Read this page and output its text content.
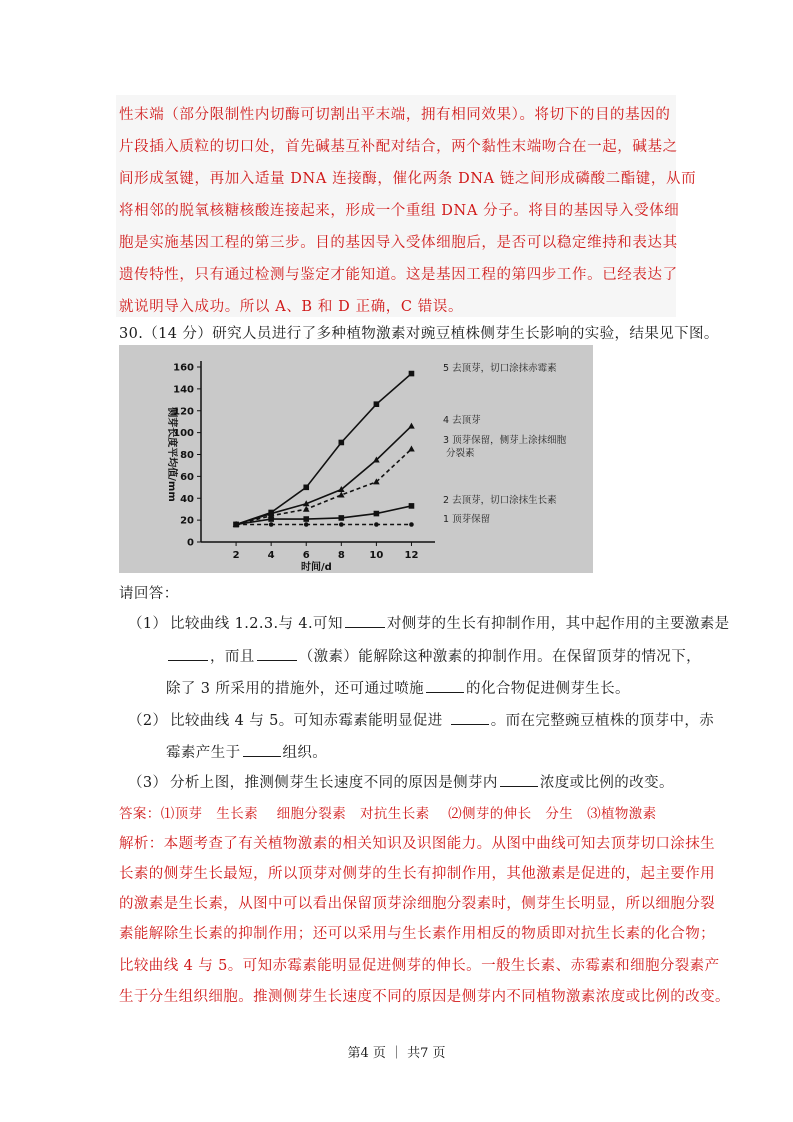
性末端（部分限制性内切酶可切割出平末端，拥有相同效果）。将切下的目的基因的
片段插入质粒的切口处，首先碱基互补配对结合，两个黏性末端吻合在一起，碱基之
间形成氢键，再加入适量 DNA 连接酶，催化两条 DNA 链之间形成磷酸二酯键，从而
将相邻的脱氧核糖核酸连接起来，形成一个重组 DNA 分子。将目的基因导入受体细
胞是实施基因工程的第三步。目的基因导入受体细胞后，是否可以稳定维持和表达其
遗传特性，只有通过检测与鉴定才能知道。这是基因工程的第四步工作。已经表达了
就说明导入成功。所以 A、B 和 D 正确，C 错误。
30.（14 分）研究人员进行了多种植物激素对豌豆植株侧芽生长影响的实验，结果见下图。
0
20
40
60
80
100
120
140
160
2	4	6	8 10 12
侧芽长度平均值/mm
时间/d
5 去顶芽，切口涂抹赤霉素
4 去顶芽
3 顶芽保留，侧芽上涂抹细胞 分裂素
2 去顶芽，切口涂抹生长素
1 顶芽保留
请回答：
（1） 比较曲线 1.2.3.与 4.可知	对侧芽的生长有抑制作用，其中起作用的主要激素是
，而且	（激素）能解除这种激素的抑制作用。在保留顶芽的情况下，
除了 3 所采用的措施外，还可通过喷施	的化合物促进侧芽生长。
（2） 比较曲线 4 与 5。可知赤霉素能明显促进	。而在完整豌豆植株的顶芽中，赤
霉素产生于	组织。
（3） 分析上图，推测侧芽生长速度不同的原因是侧芽内	浓度或比例的改变。
答案：⑴顶芽　生长素　 细胞分裂素　对抗生长素　 ⑵侧芽的伸长　分生　⑶植物激素
解析：本题考查了有关植物激素的相关知识及识图能力。从图中曲线可知去顶芽切口涂抹生
长素的侧芽生长最短，所以顶芽对侧芽的生长有抑制作用，其他激素是促进的，起主要作用
的激素是生长素，从图中可以看出保留顶芽涂细胞分裂素时，侧芽生长明显，所以细胞分裂
素能解除生长素的抑制作用；还可以采用与生长素作用相反的物质即对抗生长素的化合物；
比较曲线 4 与 5。可知赤霉素能明显促进侧芽的伸长。一般生长素、赤霉素和细胞分裂素产
生于分生组织细胞。推测侧芽生长速度不同的原因是侧芽内不同植物激素浓度或比例的改变。
第4 页 ｜ 共7 页
